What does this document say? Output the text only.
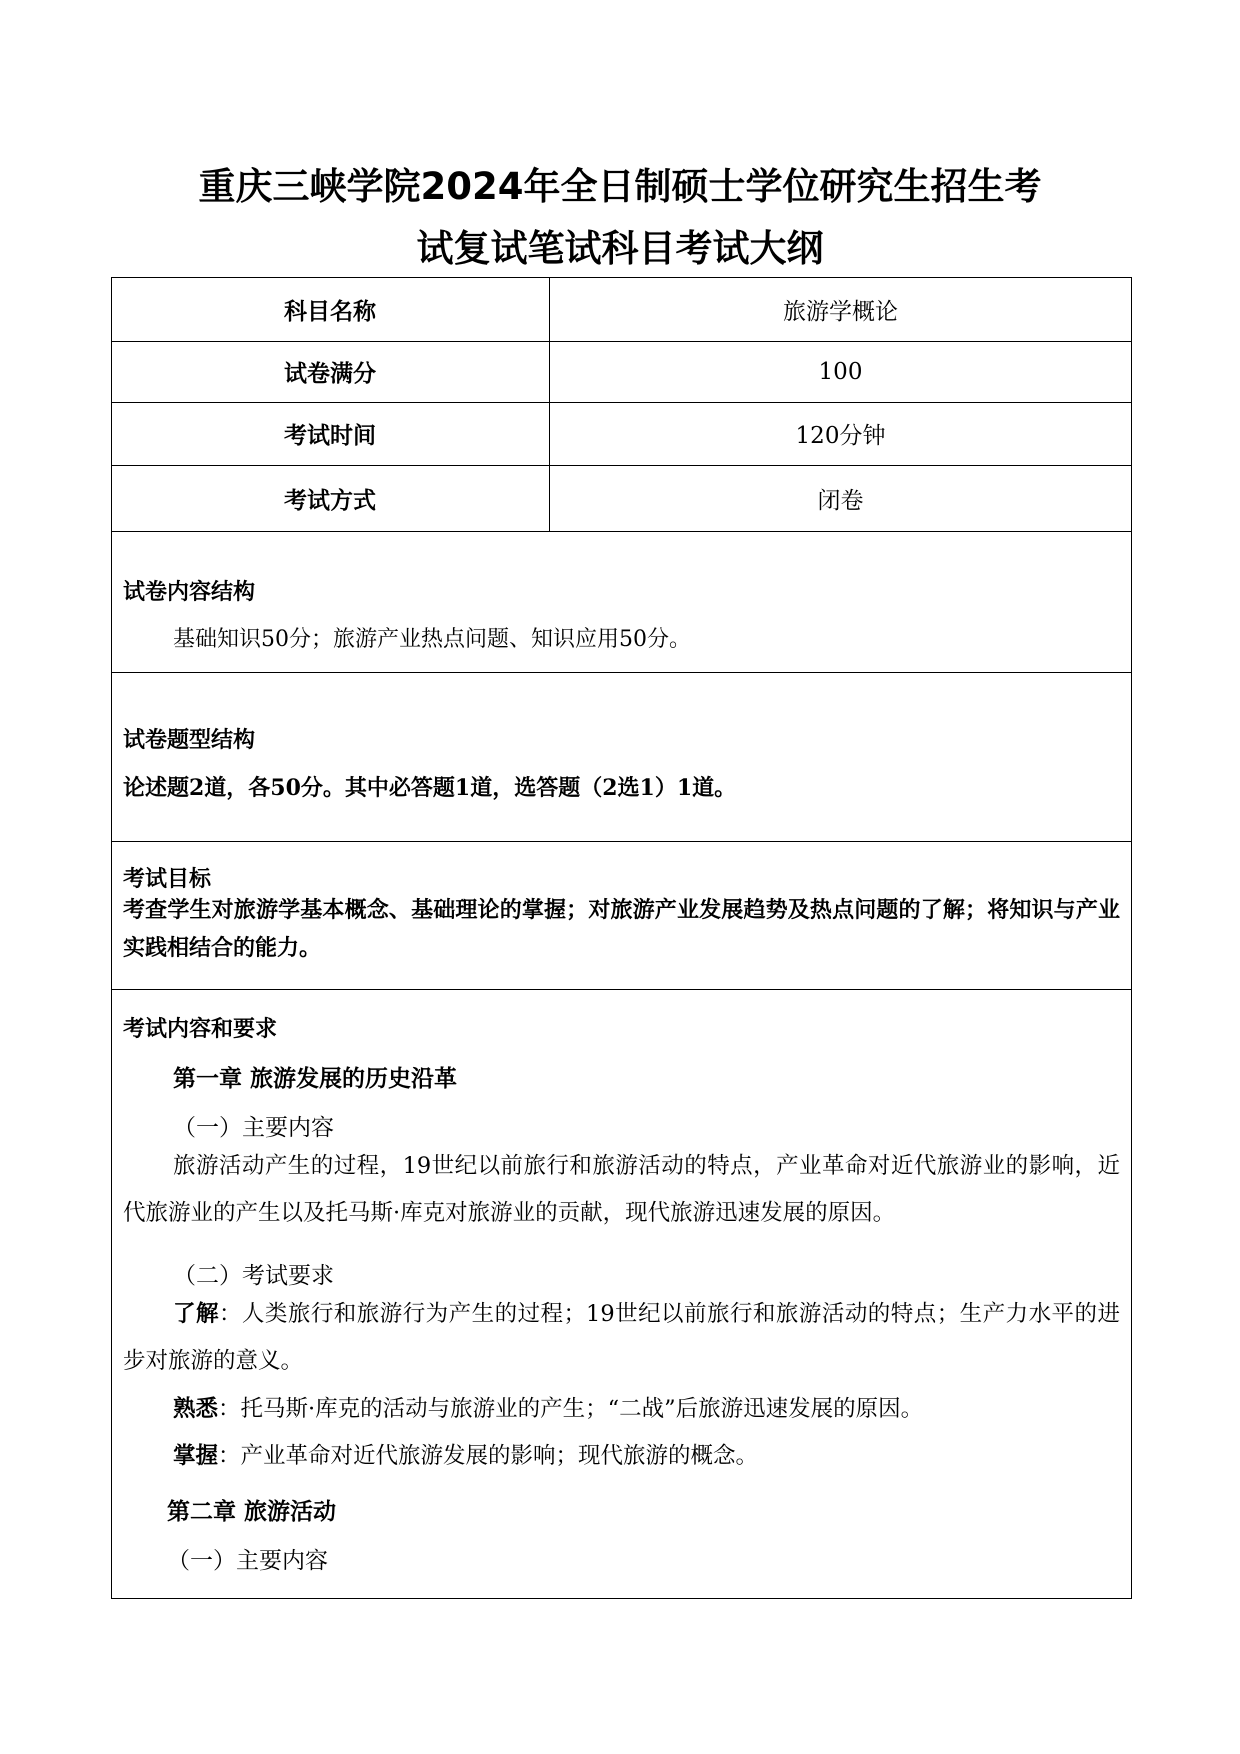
重庆三峡学院2024年全日制硕士学位研究生招生考
试复试笔试科目考试大纲
科目名称	旅游学概论
试卷满分	100
考试时间	120分钟
考试方式	闭卷
试卷内容结构
基础知识50分；旅游产业热点问题、知识应用50分。
试卷题型结构
论述题2道，各50分。其中必答题1道，选答题（2选1）1道。
考试目标
考查学生对旅游学基本概念、基础理论的掌握；对旅游产业发展趋势及热点问题的了解；将知识与产业实践相结合的能力。
考试内容和要求
第一章 旅游发展的历史沿革
（一）主要内容
旅游活动产生的过程，19世纪以前旅行和旅游活动的特点，产业革命对近代旅游业的影响，近代旅游业的产生以及托马斯·库克对旅游业的贡献，现代旅游迅速发展的原因。
（二）考试要求
了解：人类旅行和旅游行为产生的过程；19世纪以前旅行和旅游活动的特点；生产力水平的进步对旅游的意义。
熟悉：托马斯·库克的活动与旅游业的产生；“二战”后旅游迅速发展的原因。
掌握：产业革命对近代旅游发展的影响；现代旅游的概念。
第二章 旅游活动
（一）主要内容
